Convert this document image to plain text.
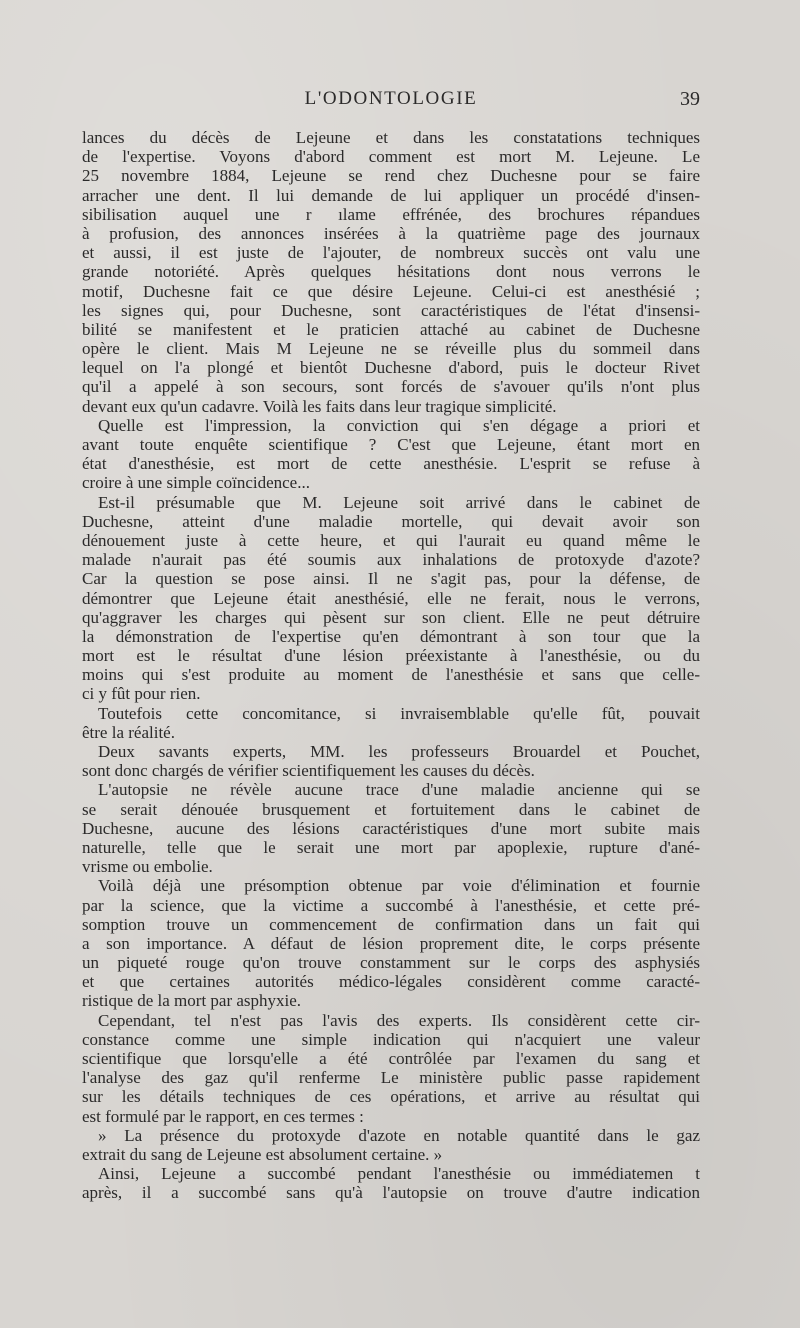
L'ODONTOLOGIE	39
lances du décès de Lejeune et dans les constatations techniques
de l'expertise. Voyons d'abord comment est mort M. Lejeune. Le
25 novembre 1884, Lejeune se rend chez Duchesne pour se faire
arracher une dent. Il lui demande de lui appliquer un procédé d'insen-
sibilisation auquel une r ılame effrénée, des brochures répandues
à profusion, des annonces insérées à la quatrième page des journaux
et aussi, il est juste de l'ajouter, de nombreux succès ont valu une
grande notoriété. Après quelques hésitations dont nous verrons le
motif, Duchesne fait ce que désire Lejeune. Celui-ci est anesthésié ;
les signes qui, pour Duchesne, sont caractéristiques de l'état d'insensi-
bilité se manifestent et le praticien attaché au cabinet de Duchesne
opère le client. Mais M Lejeune ne se réveille plus du sommeil dans
lequel on l'a plongé et bientôt Duchesne d'abord, puis le docteur Rivet
qu'il a appelé à son secours, sont forcés de s'avouer qu'ils n'ont plus
devant eux qu'un cadavre. Voilà les faits dans leur tragique simplicité.
Quelle est l'impression, la conviction qui s'en dégage a priori et
avant toute enquête scientifique ? C'est que Lejeune, étant mort en
état d'anesthésie, est mort de cette anesthésie. L'esprit se refuse à
croire à une simple coïncidence...
Est-il présumable que M. Lejeune soit arrivé dans le cabinet de
Duchesne, atteint d'une maladie mortelle, qui devait avoir son
dénouement juste à cette heure, et qui l'aurait eu quand même le
malade n'aurait pas été soumis aux inhalations de protoxyde d'azote?
Car la question se pose ainsi. Il ne s'agit pas, pour la défense, de
démontrer que Lejeune était anesthésié, elle ne ferait, nous le verrons,
qu'aggraver les charges qui pèsent sur son client. Elle ne peut détruire
la démonstration de l'expertise qu'en démontrant à son tour que la
mort est le résultat d'une lésion préexistante à l'anesthésie, ou du
moins qui s'est produite au moment de l'anesthésie et sans que celle-
ci y fût pour rien.
Toutefois cette concomitance, si invraisemblable qu'elle fût, pouvait
être la réalité.
Deux savants experts, MM. les professeurs Brouardel et Pouchet,
sont donc chargés de vérifier scientifiquement les causes du décès.
L'autopsie ne révèle aucune trace d'une maladie ancienne qui se
se serait dénouée brusquement et fortuitement dans le cabinet de
Duchesne, aucune des lésions caractéristiques d'une mort subite mais
naturelle, telle que le serait une mort par apoplexie, rupture d'ané-
vrisme ou embolie.
Voilà déjà une présomption obtenue par voie d'élimination et fournie
par la science, que la victime a succombé à l'anesthésie, et cette pré-
somption trouve un commencement de confirmation dans un fait qui
a son importance. A défaut de lésion proprement dite, le corps présente
un piqueté rouge qu'on trouve constamment sur le corps des asphysiés
et que certaines autorités médico-légales considèrent comme caracté-
ristique de la mort par asphyxie.
Cependant, tel n'est pas l'avis des experts. Ils considèrent cette cir-
constance comme une simple indication qui n'acquiert une valeur
scientifique que lorsqu'elle a été contrôlée par l'examen du sang et
l'analyse des gaz qu'il renferme Le ministère public passe rapidement
sur les détails techniques de ces opérations, et arrive au résultat qui
est formulé par le rapport, en ces termes :
» La présence du protoxyde d'azote en notable quantité dans le gaz
extrait du sang de Lejeune est absolument certaine. »
Ainsi, Lejeune a succombé pendant l'anesthésie ou immédiatemen t
après, il a succombé sans qu'à l'autopsie on trouve d'autre indication
